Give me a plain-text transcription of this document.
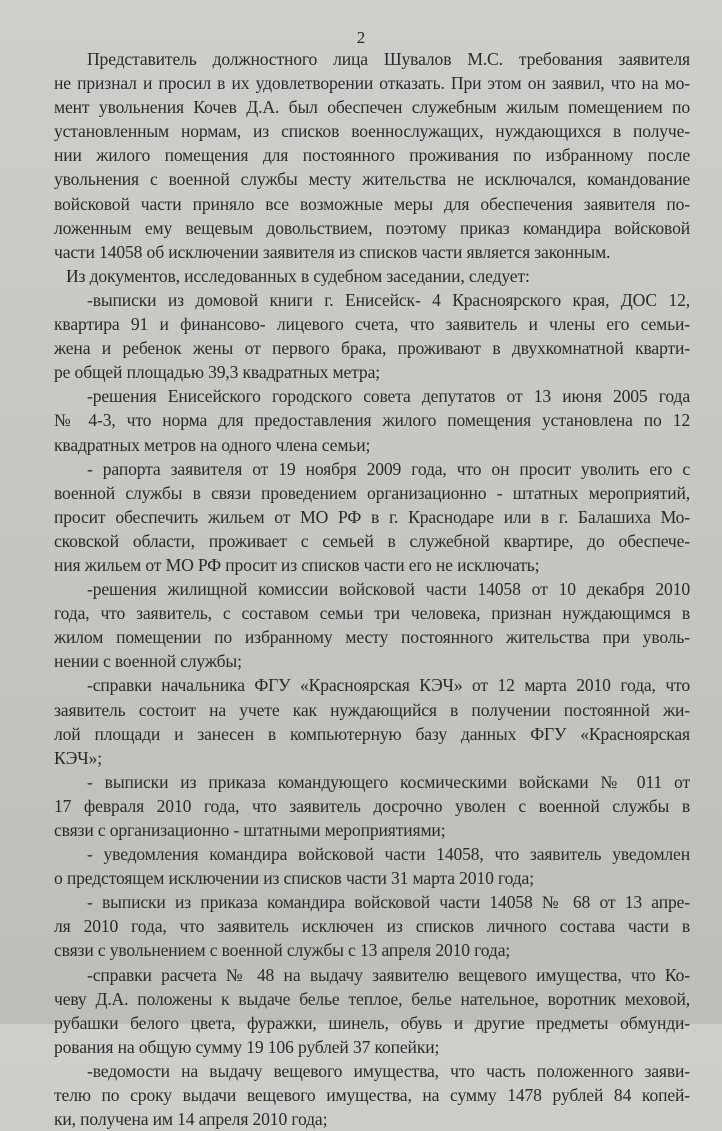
2
Представитель должностного лица Шувалов М.С. требования заявителя
не признал и просил в их удовлетворении отказать. При этом он заявил, что на мо-
мент увольнения Кочев Д.А. был обеспечен служебным жилым помещением по
установленным нормам, из списков военнослужащих, нуждающихся в получе-
нии жилого помещения для постоянного проживания по избранному после
увольнения с военной службы месту жительства не исключался, командование
войсковой части приняло все возможные меры для обеспечения заявителя по-
ложенным ему вещевым довольствием, поэтому приказ командира войсковой
части 14058 об исключении заявителя из списков части является законным.
Из документов, исследованных в судебном заседании, следует:
-выписки из домовой книги г. Енисейск- 4 Красноярского края, ДОС 12,
квартира 91 и финансово- лицевого счета, что заявитель и члены его семьи-
жена и ребенок жены от первого брака, проживают в двухкомнатной кварти-
ре общей площадью 39,3 квадратных метра;
-решения Енисейского городского совета депутатов от 13 июня 2005 года
№ 4-3, что норма для предоставления жилого помещения установлена по 12
квадратных метров на одного члена семьи;
- рапорта заявителя от 19 ноября 2009 года, что он просит уволить его с
военной службы в связи проведением организационно - штатных мероприятий,
просит обеспечить жильем от МО РФ в г. Краснодаре или в г. Балашиха Мо-
сковской области, проживает с семьей в служебной квартире, до обеспече-
ния жильем от МО РФ просит из списков части его не исключать;
-решения жилищной комиссии войсковой части 14058 от 10 декабря 2010
года, что заявитель, с составом семьи три человека, признан нуждающимся в
жилом помещении по избранному месту постоянного жительства при уволь-
нении с военной службы;
-справки начальника ФГУ «Красноярская КЭЧ» от 12 марта 2010 года, что
заявитель состоит на учете как нуждающийся в получении постоянной жи-
лой площади и занесен в компьютерную базу данных ФГУ «Красноярская
КЭЧ»;
- выписки из приказа командующего космическими войсками № 011 от
17 февраля 2010 года, что заявитель досрочно уволен с военной службы в
связи с организационно - штатными мероприятиями;
- уведомления командира войсковой части 14058, что заявитель уведомлен
о предстоящем исключении из списков части 31 марта 2010 года;
- выписки из приказа командира войсковой части 14058 № 68 от 13 апре-
ля 2010 года, что заявитель исключен из списков личного состава части в
связи с увольнением с военной службы с 13 апреля 2010 года;
-справки расчета № 48 на выдачу заявителю вещевого имущества, что Ко-
чеву Д.А. положены к выдаче белье теплое, белье нательное, воротник меховой,
рубашки белого цвета, фуражки, шинель, обувь и другие предметы обмунди-
рования на общую сумму 19 106 рублей 37 копейки;
-ведомости на выдачу вещевого имущества, что часть положенного заяви-
телю по сроку выдачи вещевого имущества, на сумму 1478 рублей 84 копей-
ки, получена им 14 апреля 2010 года;
